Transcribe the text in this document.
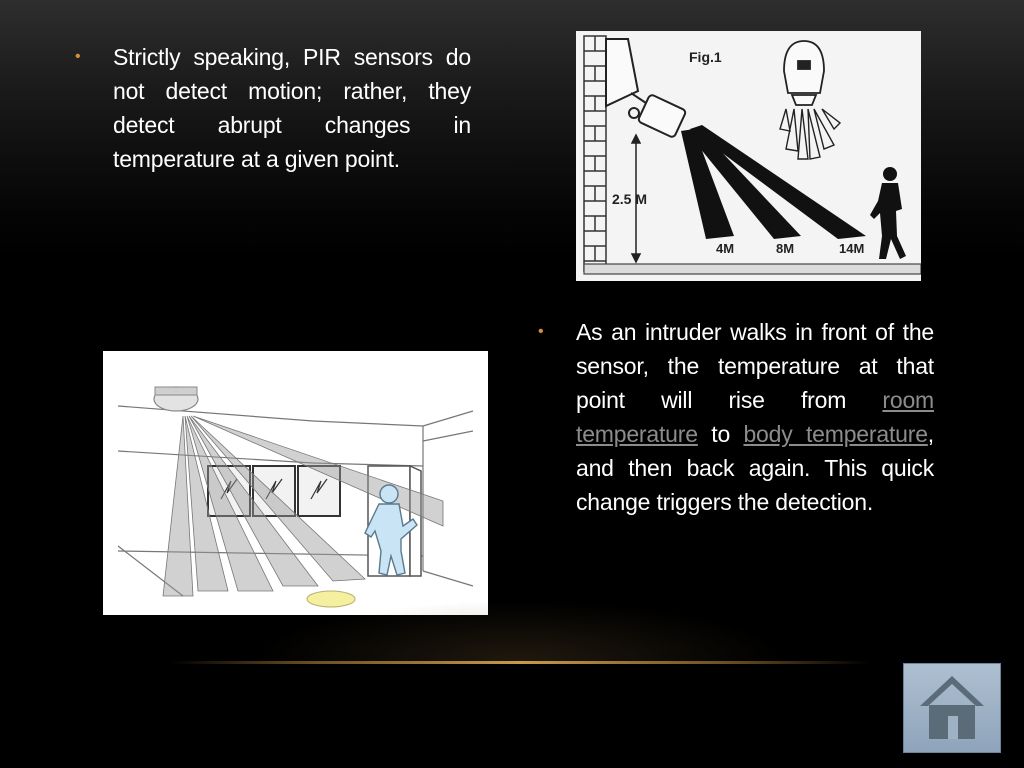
• Strictly speaking, PIR sensors do not detect motion; rather, they detect abrupt changes in temperature at a given point.

2.5 M
Fig.1
4M	8M	14M
• As an intruder walks in front of the sensor, the temperature at that point will rise from room temperature to body temperature, and then back again. This quick change triggers the detection.
